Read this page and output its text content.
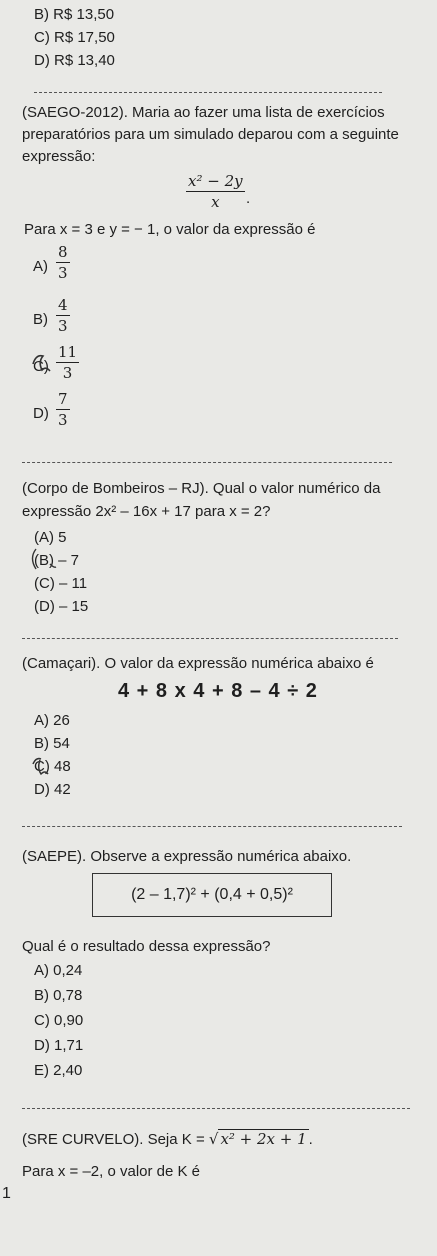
B) R$ 13,50
C) R$ 17,50
D) R$ 13,40
(SAEGO-2012). Maria ao fazer uma lista de exercícios preparatórios para um simulado deparou com a seguinte expressão:
$\frac{\text{x² − 2y}}{x}$ .
Para x = 3 e y = − 1, o valor da expressão é
$A) \frac{8}{3}$
$B) \frac{4}{3}$
$C) \frac{11}{3}$
$D) \frac{7}{3}$
(Corpo de Bombeiros – RJ). Qual o valor numérico da
expressão 2x² – 16x + 17 para x = 2?
(A) 5
(B) – 7
(C) – 11
(D) – 15
(Camaçari). O valor da expressão numérica abaixo é
4 + 8 x 4 + 8 – 4 ÷ 2
A) 26
B) 54
C) 48
D) 42
(SAEPE). Observe a expressão numérica abaixo.
(2 – 1,7)² + (0,4 + 0,5)²
Qual é o resultado dessa expressão?
A) 0,24
B) 0,78
C) 0,90
D) 1,71
E) 2,40
(SRE CURVELO). Seja K = √ x² + 2x + 1 .
Para x = –2, o valor de K é
1
